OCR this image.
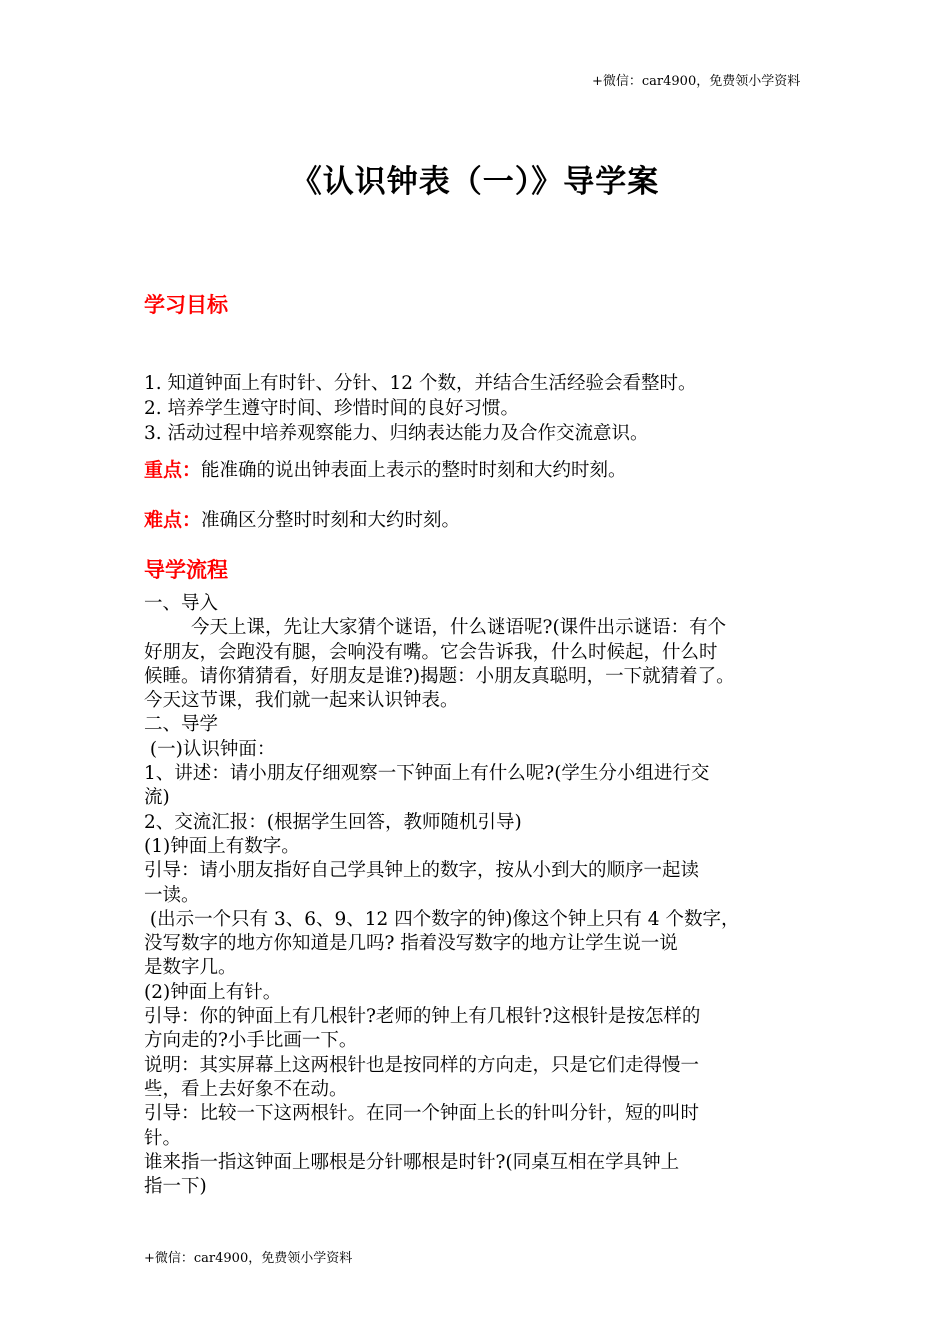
+微信：car4900，免费领小学资料
《认识钟表（一）》导学案
学习目标
1. 知道钟面上有时针、分针、12 个数，并结合生活经验会看整时。
2. 培养学生遵守时间、珍惜时间的良好习惯。
3. 活动过程中培养观察能力、归纳表达能力及合作交流意识。
重点：能准确的说出钟表面上表示的整时时刻和大约时刻。
难点：准确区分整时时刻和大约时刻。
导学流程
一、导入
今天上课，先让大家猜个谜语，什么谜语呢?(课件出示谜语：有个
好朋友，会跑没有腿，会响没有嘴。它会告诉我，什么时候起，什么时
候睡。请你猜猜看，好朋友是谁?)揭题：小朋友真聪明，一下就猜着了。
今天这节课，我们就一起来认识钟表。
二、导学
(一)认识钟面：
1、讲述：请小朋友仔细观察一下钟面上有什么呢?(学生分小组进行交
流)
2、交流汇报：(根据学生回答，教师随机引导)
(1)钟面上有数字。
引导：请小朋友指好自己学具钟上的数字，按从小到大的顺序一起读
一读。
(出示一个只有 3、6、9、12 四个数字的钟)像这个钟上只有 4 个数字，
没写数字的地方你知道是几吗? 指着没写数字的地方让学生说一说
是数字几。
(2)钟面上有针。
引导：你的钟面上有几根针?老师的钟上有几根针?这根针是按怎样的
方向走的?小手比画一下。
说明：其实屏幕上这两根针也是按同样的方向走，只是它们走得慢一
些，看上去好象不在动。
引导：比较一下这两根针。在同一个钟面上长的针叫分针，短的叫时
针。
谁来指一指这钟面上哪根是分针哪根是时针?(同桌互相在学具钟上
指一下)
+微信：car4900，免费领小学资料
